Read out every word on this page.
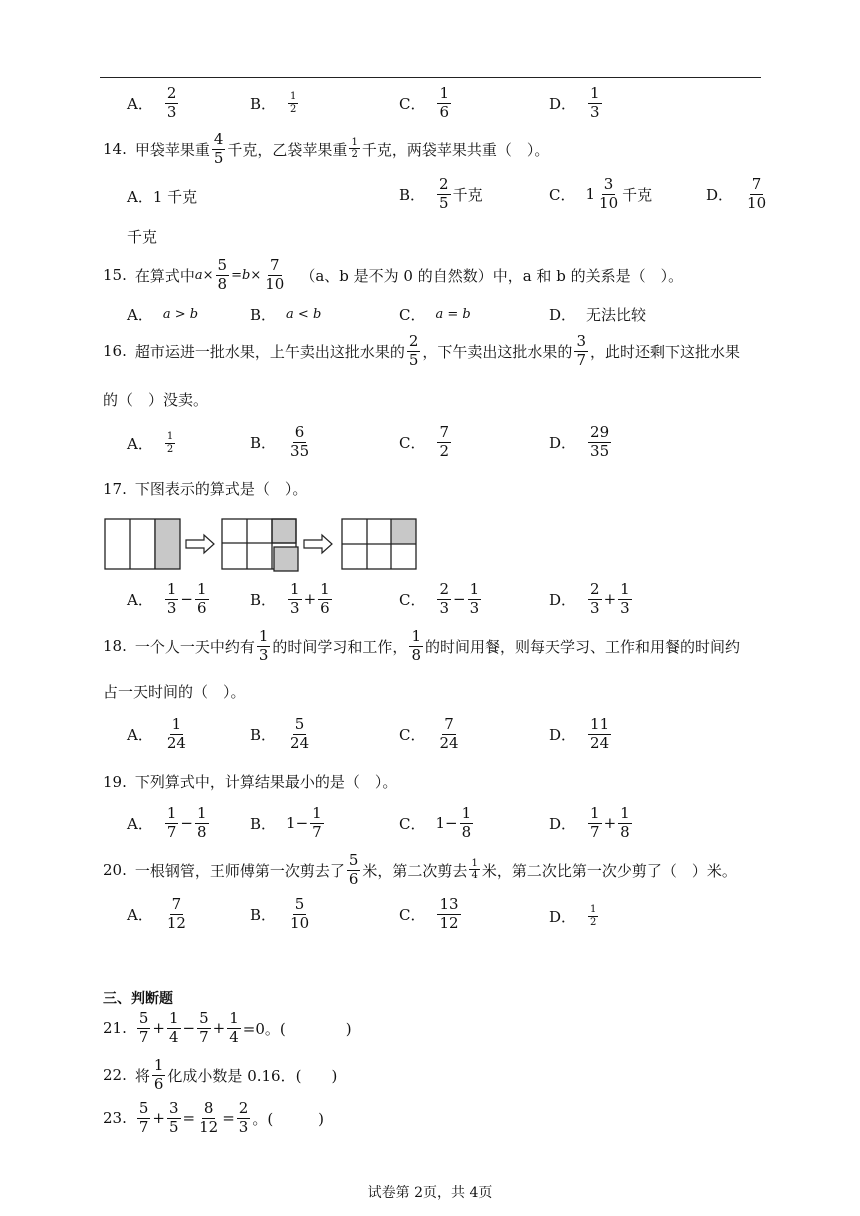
A． $\frac{2}{3}$	B． $\frac{1}{2}$	C． $\frac{1}{6}$	D． $\frac{1}{3}$
14. 甲袋苹果重 $\frac{4}{5}$ 千克，乙袋苹果重 $\frac{1}{2}$ 千克，两袋苹果共重（　）。
A．1 千克	B． $\frac{2}{5}$ 千克	C． $1 \frac{3}{10}$ 千克	D． $\frac{7}{10}$
千克
15. 在算式中 $a \times \frac{5}{8} = b \times \frac{7}{10} (a$、b 是不为 0 的自然数）中，a 和 b 的关系是（　）。
A． a > b	B． a < b	C． a = b	D． 无法比较
16. 超市运进一批水果，上午卖出这批水果的 $\frac{2}{5}$ ，下午卖出这批水果的 $\frac{3}{7}$ ，此时还剩下这批水果
的（　）没卖。
A． $\frac{1}{2}$	B． $\frac{6}{35}$	C． $\frac{7}{2}$	D． $\frac{29}{35}$
17. 下图表示的算式是（　）。
A． $\frac{1}{3} - \frac{1}{6}$	B． $\frac{1}{3} + \frac{1}{6}$	C． $\frac{2}{3} - \frac{1}{3}$	D． $\frac{2}{3} + \frac{1}{3}$
18. 一个人一天中约有 $\frac{1}{3}$ 的时间学习和工作， $\frac{1}{8}$ 的时间用餐，则每天学习、工作和用餐的时间约
占一天时间的（　）。
A． $\frac{1}{24}$	B． $\frac{5}{24}$	C． $\frac{7}{24}$	D． $\frac{11}{24}$
19. 下列算式中，计算结果最小的是（　）。
A． $\frac{1}{7} - \frac{1}{8}$	B． $1- \frac{1}{7}$	C． $1- \frac{1}{8}$	D． $\frac{1}{7} + \frac{1}{8}$
20. 一根钢管，王师傅第一次剪去了 $\frac{5}{6}$ 米，第二次剪去 $\frac{1}{4}$ 米，第二次比第一次少剪了（　）米。
A． $\frac{7}{12}$	B． $\frac{5}{10}$	C． $\frac{13}{12}$	D． $\frac{1}{2}$
三、判断题
21. $\frac{5}{7} + \frac{1}{4} - \frac{5}{7} + \frac{1}{4} =0$。(　　　　)
22. 将 $\frac{1}{6}$ 化成小数是 0.16．(　　)
23. $\frac{5}{7} + \frac{3}{5} = \frac{8}{12} = \frac{2}{3}$ 。(　　　)
试卷第 2页，共 4页
